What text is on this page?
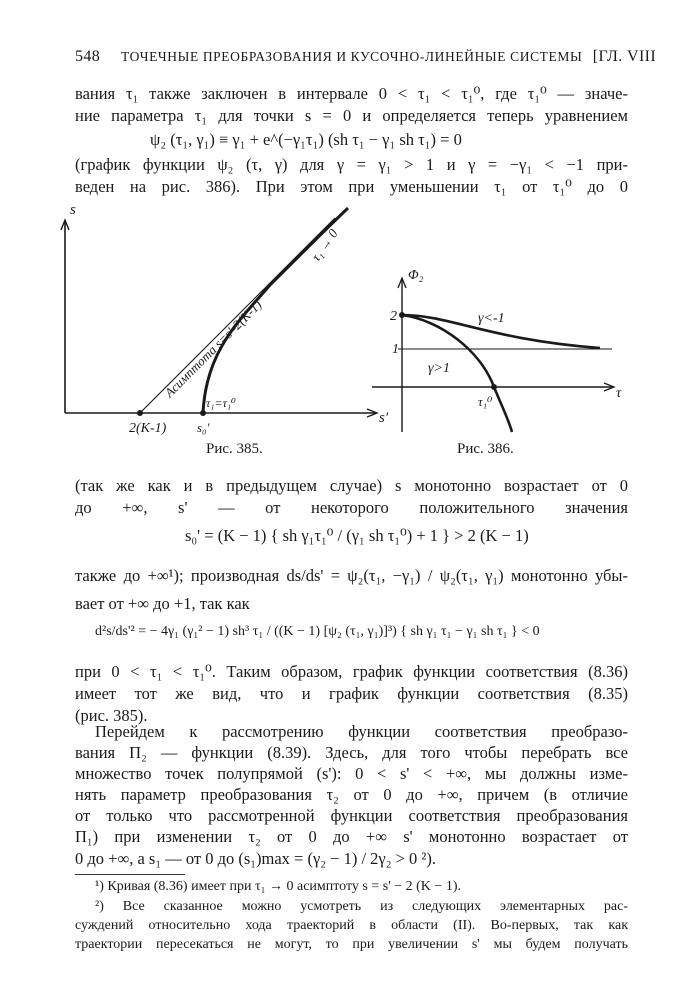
548 ТОЧЕЧНЫЕ ПРЕОБРАЗОВАНИЯ И КУСОЧНО-ЛИНЕЙНЫЕ СИСТЕМЫ [ГЛ. VIII
вания τ₁ также заключен в интервале 0 < τ₁ < τ₁⁰, где τ₁⁰ — значе-
ние параметра τ₁ для точки s = 0 и определяется теперь уравнением
ψ₂ (τ₁, γ₁) ≡ γ₁ + e^(−γ₁τ₁) (sh τ₁ − γ₁ sh τ₁) = 0
(график функции ψ₂ (τ, γ) для γ = γ₁ > 1 и γ = −γ₁ < −1 при-
веден на рис. 386). При этом при уменьшении τ₁ от τ₁⁰ до 0
s
s'
Асимптота s=s'-2(K-1)
τ₁ → 0
τ₁=τ₁⁰
2(K-1) s₀'
Рис. 385.
Φ₂
τ
2
1
γ<-1
γ>1
τ₁⁰
Рис. 386.
(так же как и в предыдущем случае) s монотонно возрастает от 0
до +∞, s' — от некоторого положительного значения
s₀' = (K − 1) { sh γ₁τ₁⁰ / (γ₁ sh τ₁⁰) + 1 } > 2 (K − 1)
также до +∞¹); производная ds/ds' = ψ₂(τ₁, −γ₁) / ψ₂(τ₁, γ₁) монотонно убы-
вает от +∞ до +1, так как
d²s/ds'² = − 4γ₁ (γ₁² − 1) sh³ τ₁ / ((K − 1) [ψ₂ (τ₁, γ₁)]³) { sh γ₁ τ₁ − γ₁ sh τ₁ } < 0
при 0 < τ₁ < τ₁⁰. Таким образом, график функции соответствия (8.36)
имеет тот же вид, что и график функции соответствия (8.35)
(рис. 385).
Перейдем к рассмотрению функции соответствия преобразо-
вания Π₂ — функции (8.39). Здесь, для того чтобы перебрать все
множество точек полупрямой (s'): 0 < s' < +∞, мы должны изме-
нять параметр преобразования τ₂ от 0 до +∞, причем (в отличие
от только что рассмотренной функции соответствия преобразования
Π₁) при изменении τ₂ от 0 до +∞ s' монотонно возрастает от
¹) Кривая (8.36) имеет при τ₁ → 0 асимптоту s = s' − 2 (K − 1).
²) Все сказанное можно усмотреть из следующих элементарных рас-
суждений относительно хода траекторий в области (II). Во-первых, так как
траектории пересекаться не могут, то при увеличении s' мы будем получать
0 до +∞, а s₁ — от 0 до (s₁)max = (γ₂ − 1) / 2γ₂ > 0 ²).
